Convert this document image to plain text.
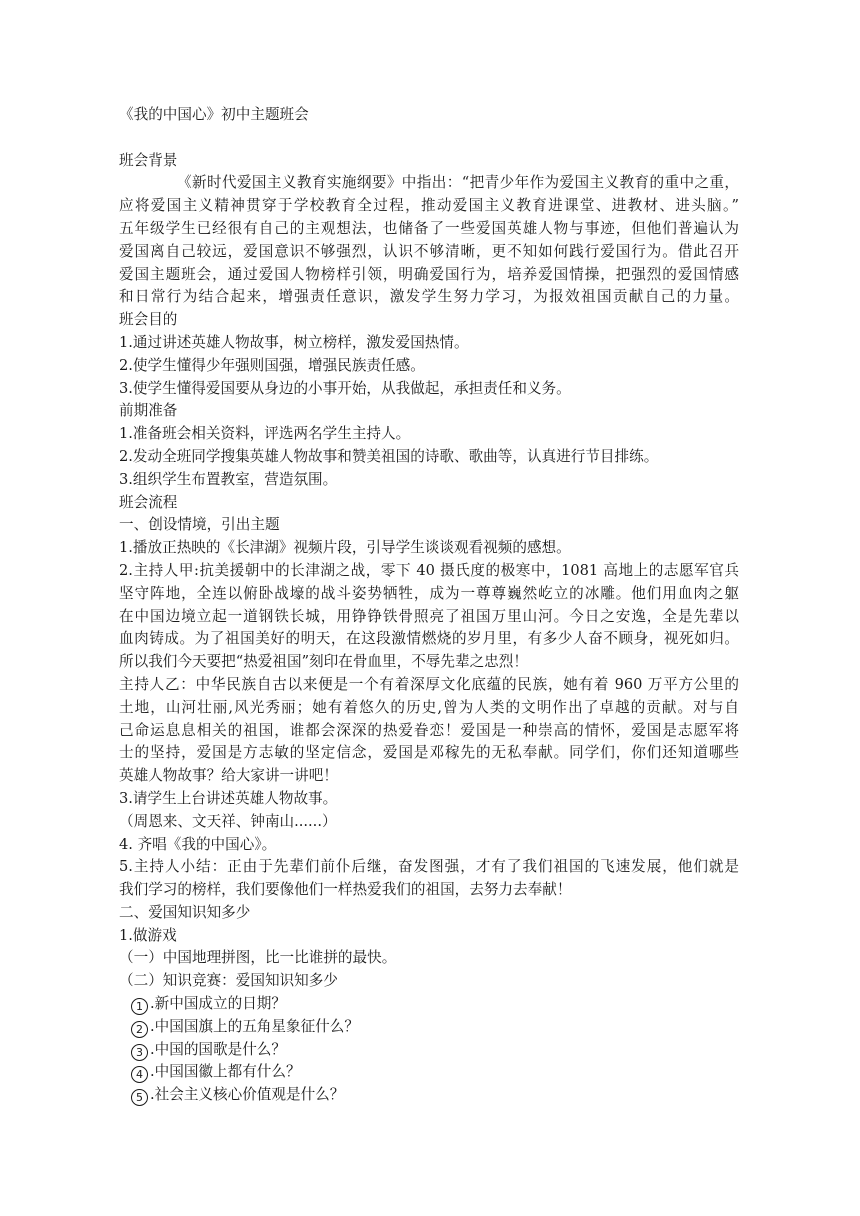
《我的中国心》初中主题班会
班会背景
《新时代爱国主义教育实施纲要》中指出：“把青少年作为爱国主义教育的重中之重，
应将爱国主义精神贯穿于学校教育全过程，推动爱国主义教育进课堂、进教材、进头脑。”
五年级学生已经很有自己的主观想法，也储备了一些爱国英雄人物与事迹，但他们普遍认为
爱国离自己较远，爱国意识不够强烈，认识不够清晰，更不知如何践行爱国行为。借此召开
爱国主题班会，通过爱国人物榜样引领，明确爱国行为，培养爱国情操，把强烈的爱国情感
和日常行为结合起来，增强责任意识，激发学生努力学习，为报效祖国贡献自己的力量。
班会目的
1.通过讲述英雄人物故事，树立榜样，激发爱国热情。
2.使学生懂得少年强则国强，增强民族责任感。
3.使学生懂得爱国要从身边的小事开始，从我做起，承担责任和义务。
前期准备
1.准备班会相关资料，评选两名学生主持人。
2.发动全班同学搜集英雄人物故事和赞美祖国的诗歌、歌曲等，认真进行节目排练。
3.组织学生布置教室，营造氛围。
班会流程
一、创设情境，引出主题
1.播放正热映的《长津湖》视频片段，引导学生谈谈观看视频的感想。
2.主持人甲:抗美援朝中的长津湖之战，零下 40 摄氏度的极寒中，1081 高地上的志愿军官兵
坚守阵地，全连以俯卧战壕的战斗姿势牺牲，成为一尊尊巍然屹立的冰雕。他们用血肉之躯
在中国边境立起一道钢铁长城，用铮铮铁骨照亮了祖国万里山河。今日之安逸，全是先辈以
血肉铸成。为了祖国美好的明天，在这段激情燃烧的岁月里，有多少人奋不顾身，视死如归。
所以我们今天要把“热爱祖国”刻印在骨血里，不辱先辈之忠烈！
主持人乙：中华民族自古以来便是一个有着深厚文化底蕴的民族，她有着 960 万平方公里的
土地，山河壮丽,风光秀丽；她有着悠久的历史,曾为人类的文明作出了卓越的贡献。对与自
己命运息息相关的祖国，谁都会深深的热爱眷恋！爱国是一种崇高的情怀，爱国是志愿军将
士的坚持，爱国是方志敏的坚定信念，爱国是邓稼先的无私奉献。同学们，你们还知道哪些
英雄人物故事？给大家讲一讲吧！
3.请学生上台讲述英雄人物故事。
（周恩来、文天祥、钟南山......）
4. 齐唱《我的中国心》。
5.主持人小结：正由于先辈们前仆后继，奋发图强，才有了我们祖国的飞速发展，他们就是
我们学习的榜样，我们要像他们一样热爱我们的祖国，去努力去奉献！
二、爱国知识知多少
1.做游戏
（一）中国地理拼图，比一比谁拼的最快。
（二）知识竞赛：爱国知识知多少
1 .新中国成立的日期？
2 .中国国旗上的五角星象征什么？
3 .中国的国歌是什么？
4 .中国国徽上都有什么？
5 .社会主义核心价值观是什么？
